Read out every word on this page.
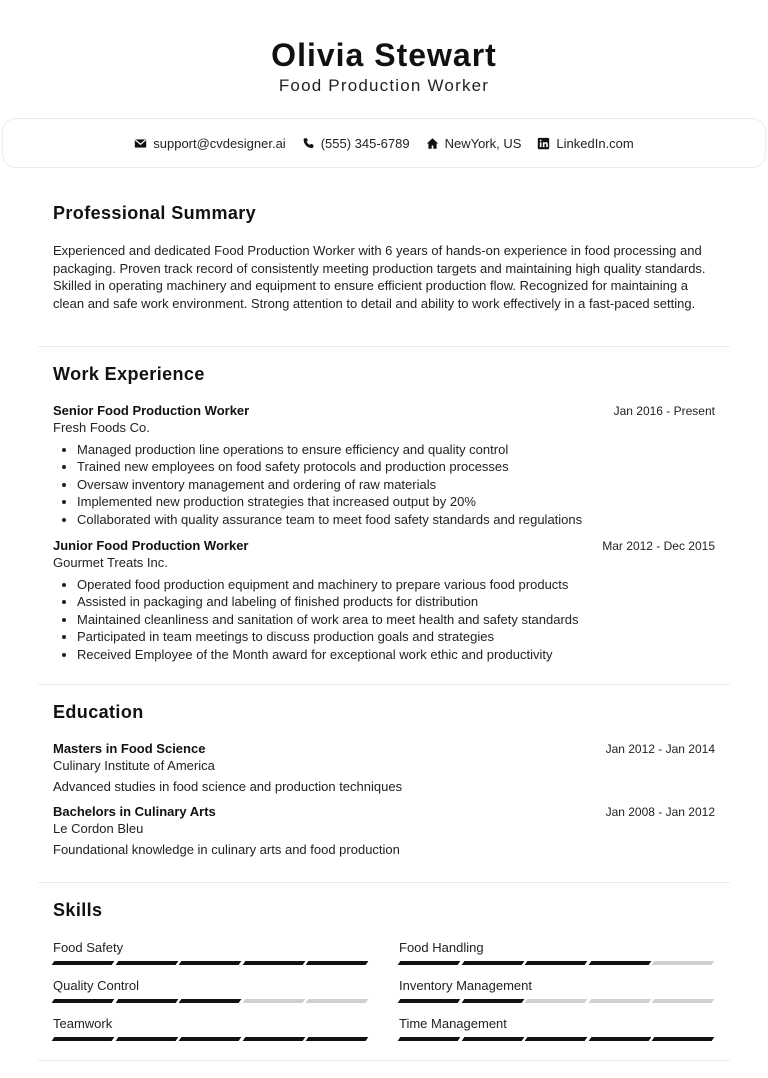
Olivia Stewart
Food Production Worker
support@cvdesigner.ai	(555) 345-6789	NewYork, US	LinkedIn.com
Professional Summary
Experienced and dedicated Food Production Worker with 6 years of hands-on experience in food processing and packaging. Proven track record of consistently meeting production targets and maintaining high quality standards. Skilled in operating machinery and equipment to ensure efficient production flow. Recognized for maintaining a clean and safe work environment. Strong attention to detail and ability to work effectively in a fast-paced setting.
Work Experience
Senior Food Production Worker	Jan 2016 - Present
Fresh Foods Co.
• Managed production line operations to ensure efficiency and quality control
• Trained new employees on food safety protocols and production processes
• Oversaw inventory management and ordering of raw materials
• Implemented new production strategies that increased output by 20%
• Collaborated with quality assurance team to meet food safety standards and regulations
Junior Food Production Worker	Mar 2012 - Dec 2015
Gourmet Treats Inc.
• Operated food production equipment and machinery to prepare various food products
• Assisted in packaging and labeling of finished products for distribution
• Maintained cleanliness and sanitation of work area to meet health and safety standards
• Participated in team meetings to discuss production goals and strategies
• Received Employee of the Month award for exceptional work ethic and productivity
Education
Masters in Food Science	Jan 2012 - Jan 2014
Culinary Institute of America
Advanced studies in food science and production techniques
Bachelors in Culinary Arts	Jan 2008 - Jan 2012
Le Cordon Bleu
Foundational knowledge in culinary arts and food production
Skills
Food Safety	Food Handling
Quality Control	Inventory Management
Teamwork	Time Management
